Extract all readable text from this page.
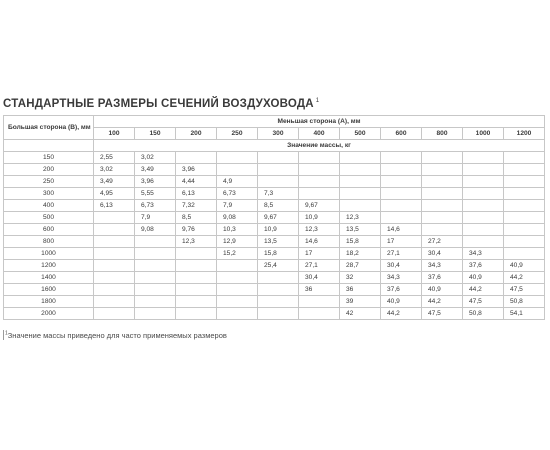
СТАНДАРТНЫЕ РАЗМЕРЫ СЕЧЕНИЙ ВОЗДУХОВОДА $^1$
Большая сторона (B), мм	Меньшая сторона (A), мм										
	100	150	200	250	300	400	500	600	800	1000	1200
	Значение массы, кг										
150	2,55	3,02									
200	3,02	3,49	3,96								
250	3,49	3,96	4,44	4,9							
300	4,95	5,55	6,13	6,73	7,3						
400	6,13	6,73	7,32	7,9	8,5	9,67					
500		7,9	8,5	9,08	9,67	10,9	12,3				
600		9,08	9,76	10,3	10,9	12,3	13,5	14,6			
800			12,3	12,9	13,5	14,6	15,8	17	27,2		
1000				15,2	15,8	17	18,2	27,1	30,4	34,3	
1200					25,4	27,1	28,7	30,4	34,3	37,6	40,9
1400						30,4	32	34,3	37,6	40,9	44,2
1600						36	36	37,6	40,9	44,2	47,5
1800							39	40,9	44,2	47,5	50,8
2000							42	44,2	47,5	50,8	54,1
$^1$Значение массы приведено для часто применяемых размеров
